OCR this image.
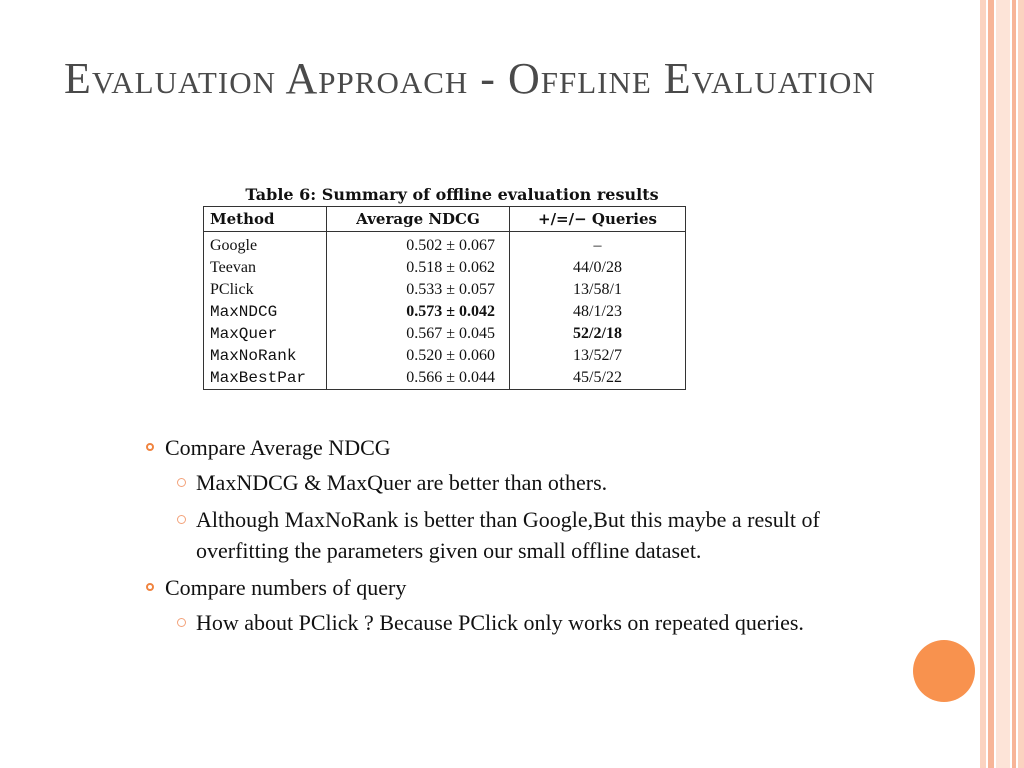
Evaluation Approach - Offline Evaluation
Table 6: Summary of offline evaluation results
Method	Average NDCG	+/=/− Queries
Google	0.502 ± 0.067	–
Teevan	0.518 ± 0.062	44/0/28
PClick	0.533 ± 0.057	13/58/1
MaxNDCG	0.573 ± 0.042	48/1/23
MaxQuer	0.567 ± 0.045	52/2/18
MaxNoRank	0.520 ± 0.060	13/52/7
MaxBestPar	0.566 ± 0.044	45/5/22
Compare Average NDCG
MaxNDCG & MaxQuer are better than others.
Although MaxNoRank is better than Google,But this maybe a result of overfitting the parameters given our small offline dataset.
Compare numbers of query
How about PClick ? Because PClick only works on repeated queries.
